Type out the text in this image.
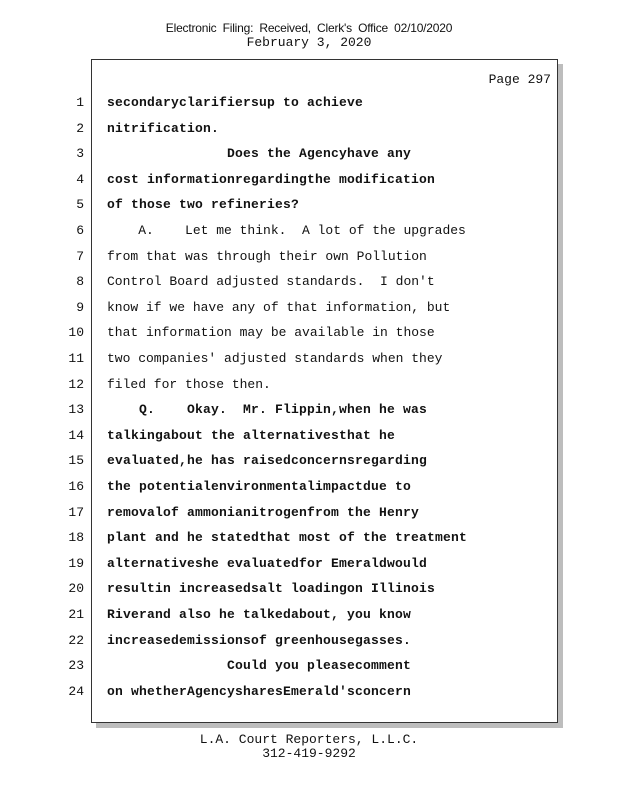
Electronic Filing: Received, Clerk's Office 02/10/2020
February 3, 2020
Page 297
1 secondaryclarifiersup to achieve
2 nitrification.
3 Does the Agencyhave any
4 cost informationregardingthe modification
5 of those two refineries?
6 A.    Let me think.  A lot of the upgrades
7 from that was through their own Pollution
8 Control Board adjusted standards.  I don't
9 know if we have any of that information, but
10 that information may be available in those
11 two companies' adjusted standards when they
12 filed for those then.
13 Q.    Okay.  Mr. Flippin,when he was
14 talkingabout the alternativesthat he
15 evaluated,he has raisedconcernsregarding
16 the potentialenvironmentalimpactdue to
17 removalof ammonianitrogenfrom the Henry
18 plant and he statedthat most of the treatment
19 alternativeshe evaluatedfor Emeraldwould
20 resultin increasedsalt loadingon Illinois
21 Riverand also he talkedabout, you know
22 increasedemissionsof greenhousegasses.
23 Could you pleasecomment
24 on whetherAgencysharesEmerald'sconcern
L.A. Court Reporters, L.L.C.
312-419-9292
